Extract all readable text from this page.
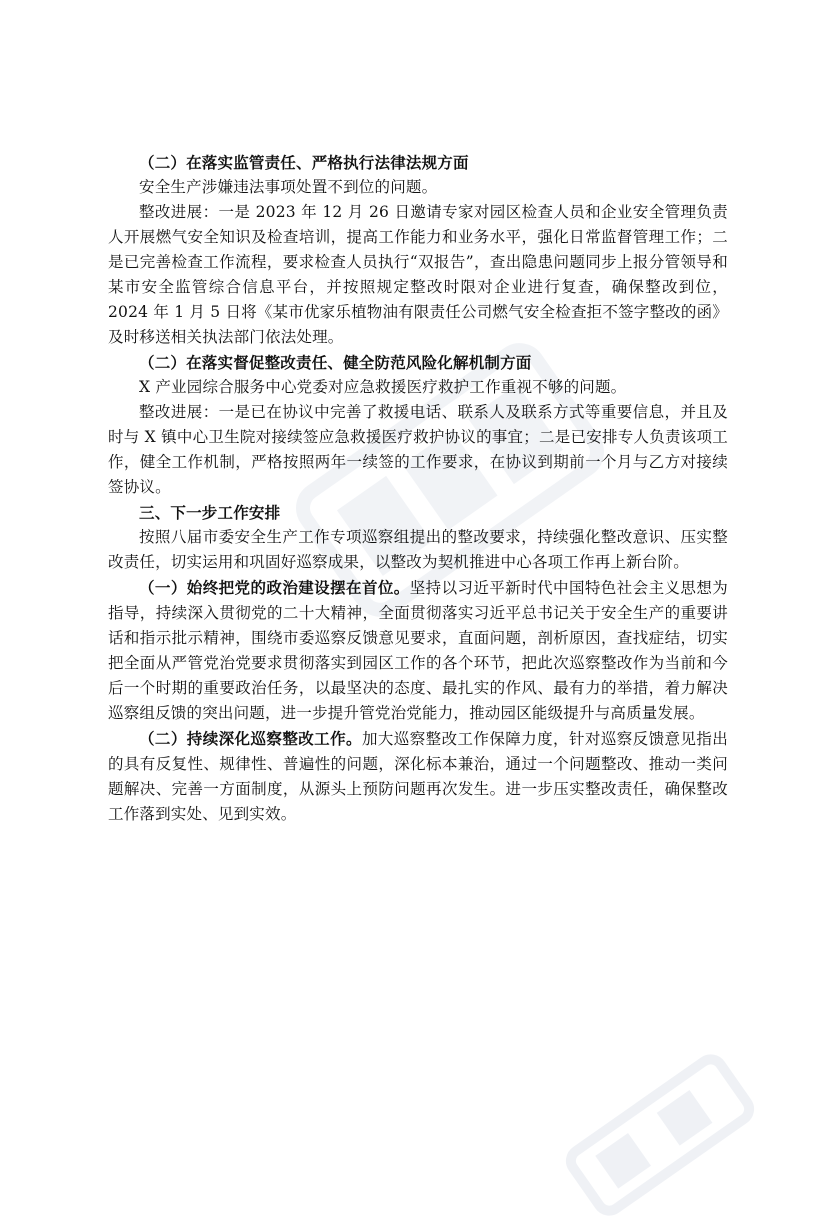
（二）在落实监管责任、严格执行法律法规方面

安全生产涉嫌违法事项处置不到位的问题。

整改进展：一是 2023 年 12 月 26 日邀请专家对园区检查人员和企业安全管理负责人开展燃气安全知识及检查培训，提高工作能力和业务水平，强化日常监督管理工作；二是已完善检查工作流程，要求检查人员执行“双报告”，查出隐患问题同步上报分管领导和某市安全监管综合信息平台，并按照规定整改时限对企业进行复查，确保整改到位，2024 年 1 月 5 日将《某市优家乐植物油有限责任公司燃气安全检查拒不签字整改的函》及时移送相关执法部门依法处理。

（二）在落实督促整改责任、健全防范风险化解机制方面

X 产业园综合服务中心党委对应急救援医疗救护工作重视不够的问题。

整改进展：一是已在协议中完善了救援电话、联系人及联系方式等重要信息，并且及时与 X 镇中心卫生院对接续签应急救援医疗救护协议的事宜；二是已安排专人负责该项工作，健全工作机制，严格按照两年一续签的工作要求，在协议到期前一个月与乙方对接续签协议。

三、下一步工作安排

按照八届市委安全生产工作专项巡察组提出的整改要求，持续强化整改意识、压实整改责任，切实运用和巩固好巡察成果，以整改为契机推进中心各项工作再上新台阶。

（一）始终把党的政治建设摆在首位。坚持以习近平新时代中国特色社会主义思想为指导，持续深入贯彻党的二十大精神，全面贯彻落实习近平总书记关于安全生产的重要讲话和指示批示精神，围绕市委巡察反馈意见要求，直面问题，剖析原因，查找症结，切实把全面从严管党治党要求贯彻落实到园区工作的各个环节，把此次巡察整改作为当前和今后一个时期的重要政治任务，以最坚决的态度、最扎实的作风、最有力的举措，着力解决巡察组反馈的突出问题，进一步提升管党治党能力，推动园区能级提升与高质量发展。

（二）持续深化巡察整改工作。加大巡察整改工作保障力度，针对巡察反馈意见指出的具有反复性、规律性、普遍性的问题，深化标本兼治，通过一个问题整改、推动一类问题解决、完善一方面制度，从源头上预防问题再次发生。进一步压实整改责任，确保整改工作落到实处、见到实效。
